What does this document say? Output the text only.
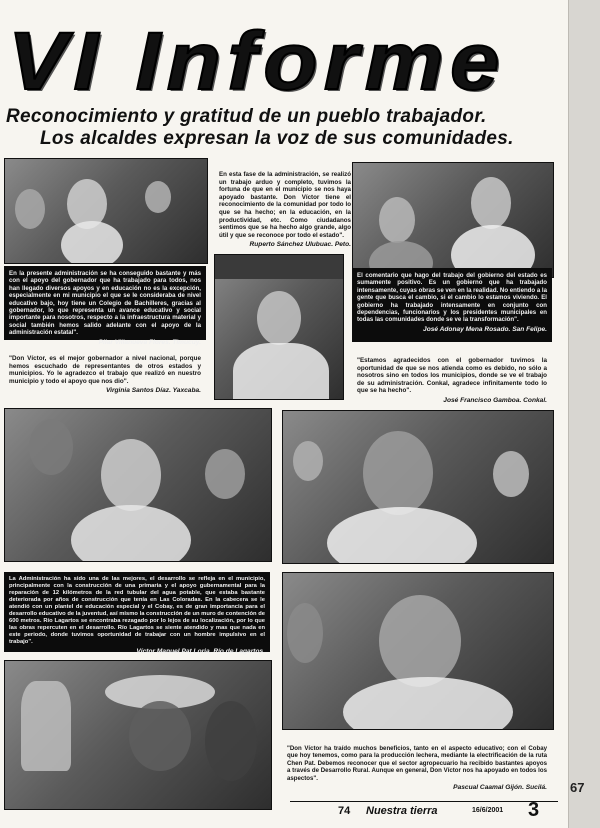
VI Informe
Reconocimiento y gratitud de un pueblo trabajador.
Los alcaldes expresan la voz de sus comunidades.
En esta fase de la administración, se realizó un trabajo arduo y completo, tuvimos la fortuna de que en el municipio se nos haya apoyado bastante. Don Víctor tiene el reconocimiento de la comunidad por todo lo que se ha hecho; en la educación, en la productividad, etc. Como ciudadanos sentimos que se ha hecho algo grande, algo útil y que se reconoce por todo el estado".
Ruperto Sánchez Ulubuac. Peto.
En la presente administración se ha conseguido bastante y más con el apoyo del gobernador que ha trabajado para todos, nos han llegado diversos apoyos y en educación no es la excepción, especialmente en mi municipio el que se le consideraba de nivel educativo bajo, hoy tiene un Colegio de Bachilleres, gracias al gobernador, lo que representa un avance educativo y social importante para nosotros, respecto a la infraestructura material y social también hemos salido adelante con el apoyo de la administración estatal".
Pilar Villanueva Flores. Timucuy.
El comentario que hago del trabajo del gobierno del estado es sumamente positivo. Es un gobierno que ha trabajado intensamente, cuyas obras se ven en la realidad. No entiendo a la gente que busca el cambio, si el cambio lo estamos viviendo. El gobierno ha trabajado intensamente en conjunto con dependencias, funcionarios y los presidentes municipales en todas las comunidades donde se ve la transformación".
José Adonay Mena Rosado. San Felipe.
"Don Víctor, es el mejor gobernador a nivel nacional, porque hemos escuchado de representantes de otros estados y municipios. Yo le agradezco el trabajo que realizó en nuestro municipio y todo el apoyo que nos dio".
Virginia Santos Díaz. Yaxcaba.
"Estamos agradecidos con el gobernador tuvimos la oportunidad de que se nos atienda como es debido, no sólo a nosotros sino en todos los municipios, donde se ve el trabajo de su administración. Conkal, agradece infinitamente todo lo que se ha hecho".
José Francisco Gamboa. Conkal.
La Administración ha sido una de las mejores, el desarrollo se refleja en el municipio, principalmente con la construcción de una primaria y el apoyo gubernamental para la reparación de 12 kilómetros de la red tubular del agua potable, que estaba bastante deteriorada por años de construcción que tenía en Las Coloradas. En la cabecera se le atendió con un plantel de educación especial y el Cobay, es de gran importancia para el desarrollo educativo de la juventud, así mismo la construcción de un muro de contención de 600 metros. Río Lagartos se encontraba rezagado por lo lejos de su localización, por lo que las obras repercuten en el desarrollo. Río Lagartos se siente atendido y mas que nada en este periodo, donde tuvimos oportunidad de trabajar con un hombre impulsivo en el trabajo".
Víctor Manuel Pat Loria. Río de Lagartos.
"Don Víctor ha traído muchos beneficios, tanto en el aspecto educativo; con el Cobay que hoy tenemos, como para la producción lechera, mediante la electrificación de la ruta Chen Pat. Debemos reconocer que el sector agropecuario ha recibido bastantes apoyos a través de Desarrollo Rural. Aunque en general, Don Víctor nos ha apoyado en todos los aspectos".
Pascual Caamal Gijón. Sucilá.
74 Nuestra tierra	16/6/2001 3
67
